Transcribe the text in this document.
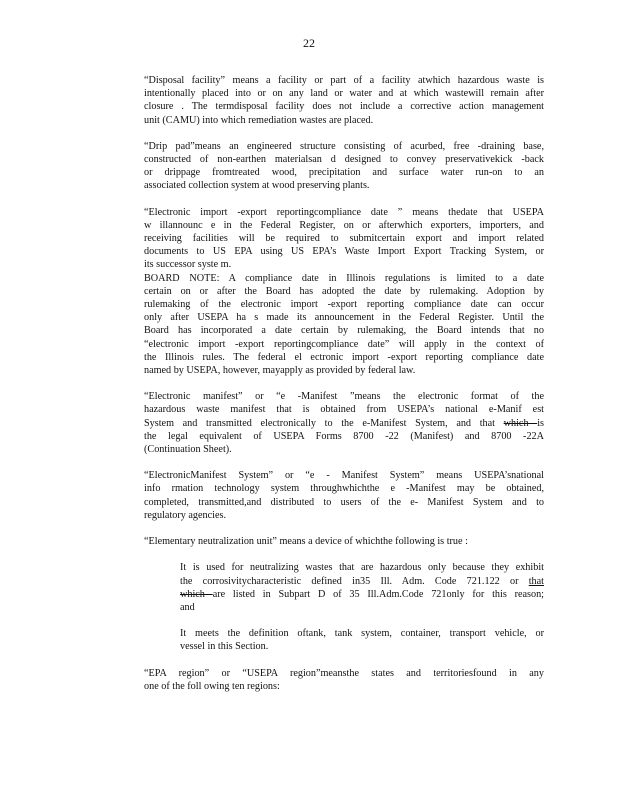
22

“Disposal facility” means a facility or part of a facility atwhich hazardous waste is
intentionally placed into or on any land or water and at which wastewill remain after
closure . The termdisposal facility does not include a corrective action management
unit (CAMU) into which remediation wastes are placed.

“Drip pad”means an engineered structure consisting of acurbed, free -draining base,
constructed of non-earthen materialsan d designed to convey preservativekick -back
or drippage fromtreated wood, precipitation and surface water run-on to an
associated collection system at wood preserving plants.

“Electronic import -export reportingcompliance date ” means thedate that USEPA
w illannounc e in the Federal Register, on or afterwhich exporters, importers, and
receiving facilities will be required to submitcertain export and import related
documents to US EPA using US EPA’s Waste Import Export Tracking System, or
its successor syste m.
BOARD NOTE: A compliance date in Illinois regulations is limited to a date
certain on or after the Board has adopted the date by rulemaking. Adoption by
rulemaking of the electronic import -export reporting compliance date can occur
only after USEPA ha s made its announcement in the Federal Register. Until the
Board has incorporated a date certain by rulemaking, the Board intends that no
“electronic import -export reportingcompliance date” will apply in the context of
the Illinois rules. The federal el ectronic import -export reporting compliance date
named by USEPA, however, mayapply as provided by federal law.

“Electronic manifest” or “e -Manifest ”means the electronic format of the
hazardous waste manifest that is obtained from USEPA’s national e-Manif est
System and transmitted electronically to the e-Manifest System, and that which is
the legal equivalent of USEPA Forms 8700 -22 (Manifest) and 8700 -22A
(Continuation Sheet).

“ElectronicManifest System” or “e - Manifest System” means USEPA’snational
info rmation technology system throughwhichthe e -Manifest may be obtained,
completed, transmitted,and distributed to users of the e- Manifest System and to
regulatory agencies.

“Elementary neutralization unit” means a device of whichthe following is true :

It is used for neutralizing wastes that are hazardous only because they exhibit
the corrosivitycharacteristic defined in35 Ill. Adm. Code 721.122 or that
which are listed in Subpart D of 35 Ill.Adm.Code 721only for this reason;
and

It meets the definition oftank, tank system, container, transport vehicle, or
vessel in this Section.

“EPA region” or “USEPA region”meansthe states and territoriesfound in any
one of the foll owing ten regions:
